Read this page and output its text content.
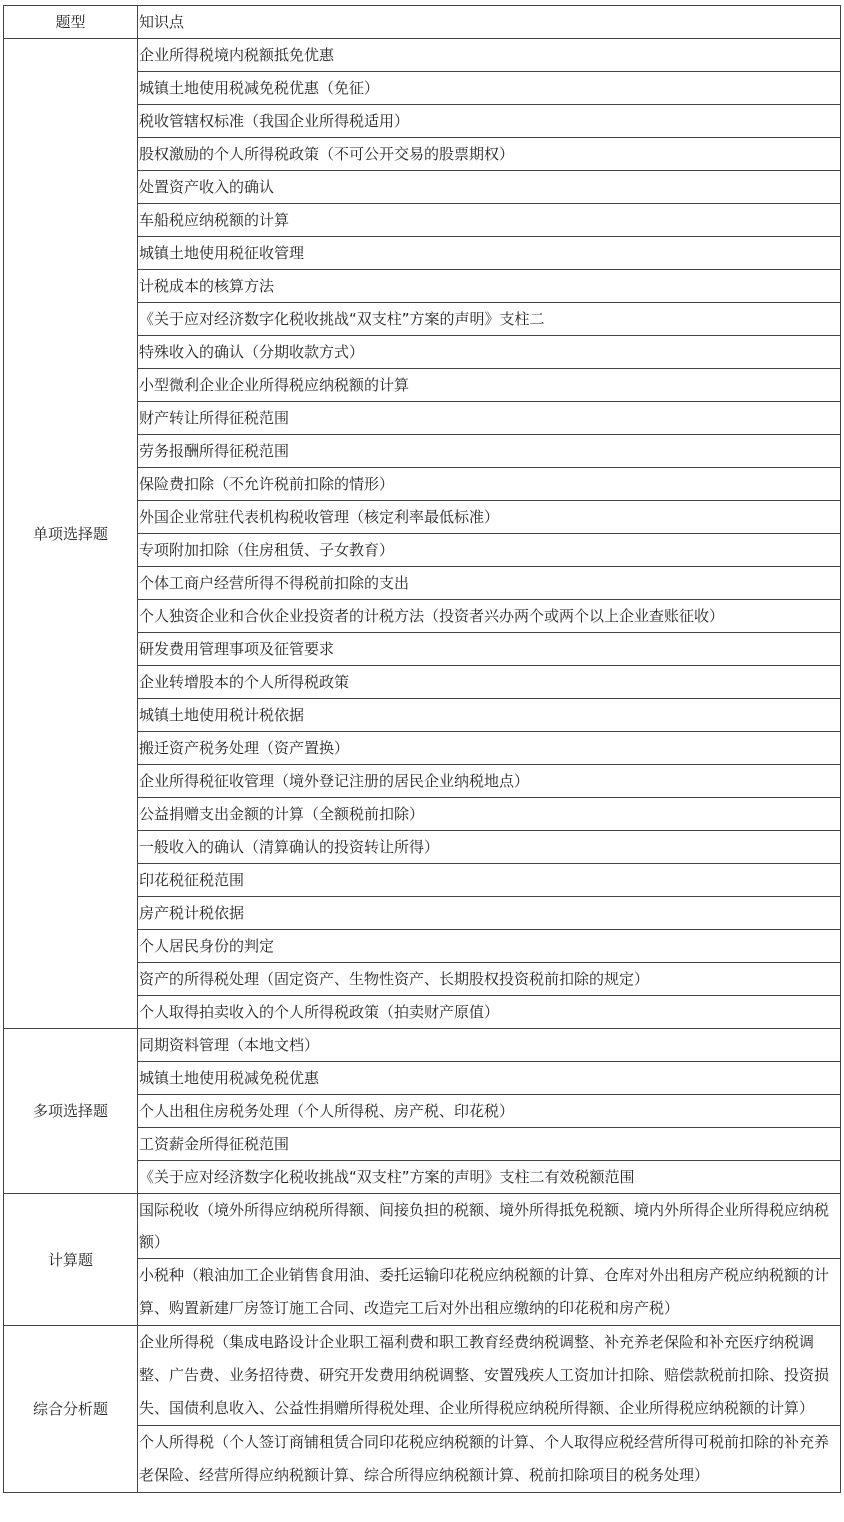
题型	知识点
单项选择题	企业所得税境内税额抵免优惠
	城镇土地使用税减免税优惠（免征）
	税收管辖权标准（我国企业所得税适用）
	股权激励的个人所得税政策（不可公开交易的股票期权）
	处置资产收入的确认
	车船税应纳税额的计算
	城镇土地使用税征收管理
	计税成本的核算方法
	《关于应对经济数字化税收挑战“双支柱”方案的声明》支柱二
	特殊收入的确认（分期收款方式）
	小型微利企业企业所得税应纳税额的计算
	财产转让所得征税范围
	劳务报酬所得征税范围
	保险费扣除（不允许税前扣除的情形）
	外国企业常驻代表机构税收管理（核定利率最低标准）
	专项附加扣除（住房租赁、子女教育）
	个体工商户经营所得不得税前扣除的支出
	个人独资企业和合伙企业投资者的计税方法（投资者兴办两个或两个以上企业查账征收）
	研发费用管理事项及征管要求
	企业转增股本的个人所得税政策
	城镇土地使用税计税依据
	搬迁资产税务处理（资产置换）
	企业所得税征收管理（境外登记注册的居民企业纳税地点）
	公益捐赠支出金额的计算（全额税前扣除）
	一般收入的确认（清算确认的投资转让所得）
	印花税征税范围
	房产税计税依据
	个人居民身份的判定
	资产的所得税处理（固定资产、生物性资产、长期股权投资税前扣除的规定）
	个人取得拍卖收入的个人所得税政策（拍卖财产原值）
多项选择题	同期资料管理（本地文档）
	城镇土地使用税减免税优惠
	个人出租住房税务处理（个人所得税、房产税、印花税）
	工资薪金所得征税范围
	《关于应对经济数字化税收挑战“双支柱”方案的声明》支柱二有效税额范围
计算题	国际税收（境外所得应纳税所得额、间接负担的税额、境外所得抵免税额、境内外所得企业所得税应纳税额）
	小税种（粮油加工企业销售食用油、委托运输印花税应纳税额的计算、仓库对外出租房产税应纳税额的计算、购置新建厂房签订施工合同、改造完工后对外出租应缴纳的印花税和房产税）
综合分析题	企业所得税（集成电路设计企业职工福利费和职工教育经费纳税调整、补充养老保险和补充医疗纳税调整、广告费、业务招待费、研究开发费用纳税调整、安置残疾人工资加计扣除、赔偿款税前扣除、投资损失、国债利息收入、公益性捐赠所得税处理、企业所得税应纳税所得额、企业所得税应纳税额的计算）
	个人所得税（个人签订商铺租赁合同印花税应纳税额的计算、个人取得应税经营所得可税前扣除的补充养老保险、经营所得应纳税额计算、综合所得应纳税额计算、税前扣除项目的税务处理）
